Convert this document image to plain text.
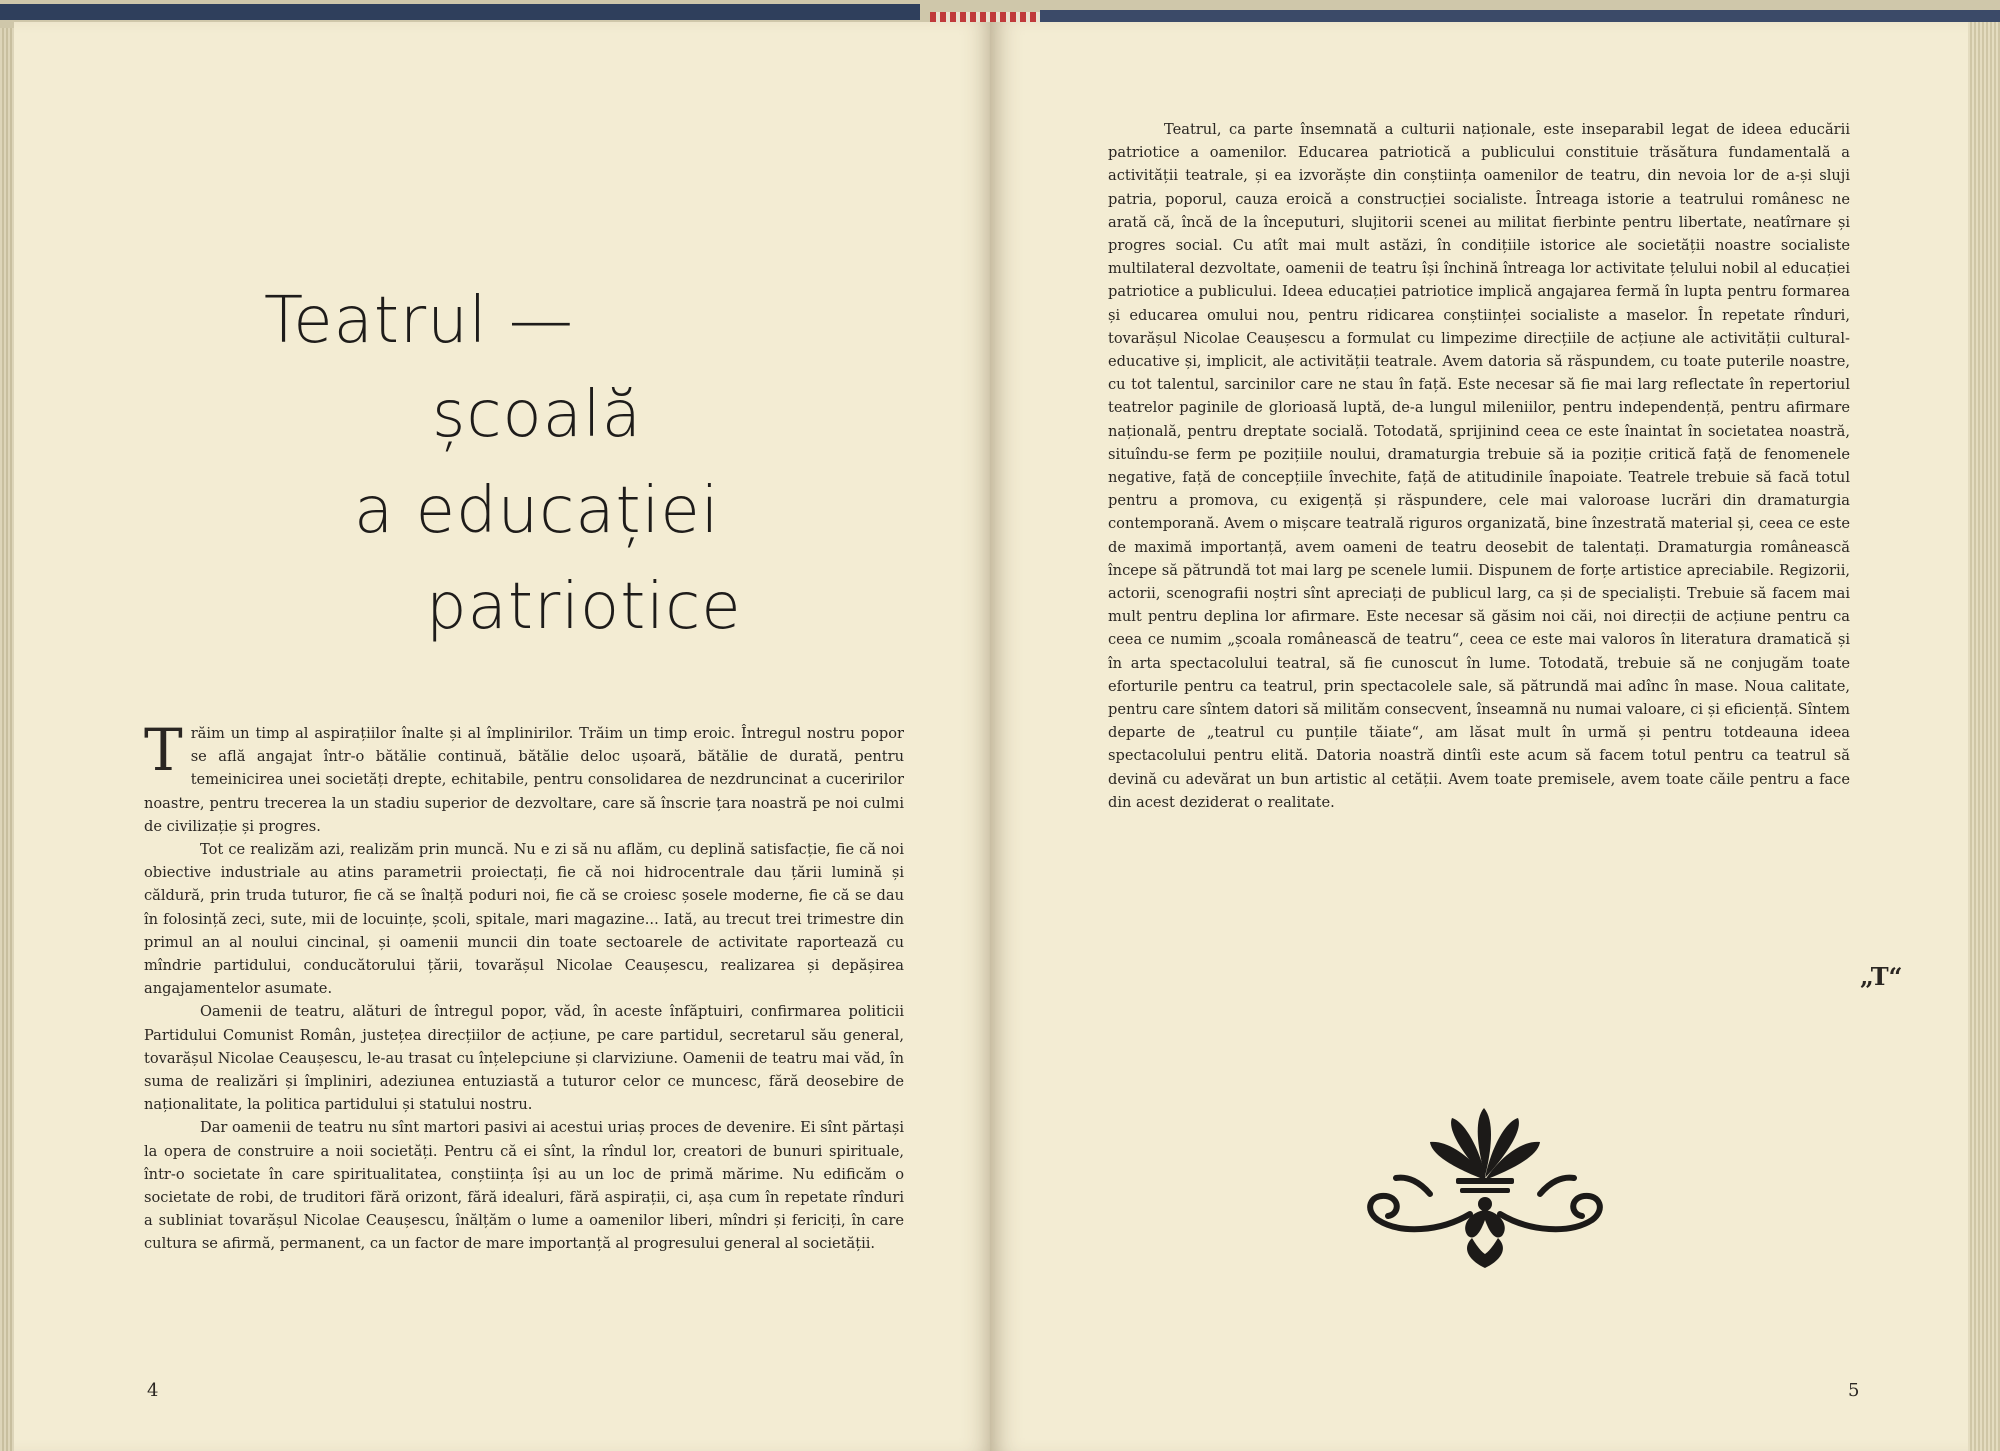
Teatrul —
școală
a educației
patriotice

Trăim un timp al aspirațiilor înalte și al împlinirilor. Trăim un timp eroic. Întregul nostru popor se află angajat într-o bătălie continuă, bătălie deloc ușoară, bătălie de durată, pentru temeinicirea unei societăți drepte, echitabile, pentru consolidarea de nezdruncinat a cuceririlor noastre, pentru trecerea la un stadiu superior de dezvoltare, care să înscrie țara noastră pe noi culmi de civilizație și progres.

Tot ce realizăm azi, realizăm prin muncă. Nu e zi să nu aflăm, cu deplină satisfacție, fie că noi obiective industriale au atins parametrii proiectați, fie că noi hidrocentrale dau țării lumină și căldură, prin truda tuturor, fie că se înalță poduri noi, fie că se croiesc șosele moderne, fie că se dau în folosință zeci, sute, mii de locuințe, școli, spitale, mari magazine... Iată, au trecut trei trimestre din primul an al noului cincinal, și oamenii muncii din toate sectoarele de activitate raportează cu mîndrie partidului, conducătorului țării, tovarășul Nicolae Ceaușescu, realizarea și depășirea angajamentelor asumate.

Oamenii de teatru, alături de întregul popor, văd, în aceste înfăptuiri, confirmarea politicii Partidului Comunist Român, justețea direcțiilor de acțiune, pe care partidul, secretarul său general, tovarășul Nicolae Ceaușescu, le-au trasat cu înțelepciune și clarviziune. Oamenii de teatru mai văd, în suma de realizări și împliniri, adeziunea entuziastă a tuturor celor ce muncesc, fără deosebire de naționalitate, la politica partidului și statului nostru.

Dar oamenii de teatru nu sînt martori pasivi ai acestui uriaș proces de devenire. Ei sînt părtași la opera de construire a noii societăți. Pentru că ei sînt, la rîndul lor, creatori de bunuri spirituale, într-o societate în care spiritualitatea, conștiința își au un loc de primă mărime. Nu edificăm o societate de robi, de truditori fără orizont, fără idealuri, fără aspirații, ci, așa cum în repetate rînduri a subliniat tovarășul Nicolae Ceaușescu, înălțăm o lume a oamenilor liberi, mîndri și fericiți, în care cultura se afirmă, permanent, ca un factor de mare importanță al progresului general al societății.

4

Teatrul, ca parte însemnată a culturii naționale, este inseparabil legat de ideea educării patriotice a oamenilor. Educarea patriotică a publicului constituie trăsătura fundamentală a activității teatrale, și ea izvorăște din conștiința oamenilor de teatru, din nevoia lor de a-și sluji patria, poporul, cauza eroică a construcției socialiste. Întreaga istorie a teatrului românesc ne arată că, încă de la începuturi, slujitorii scenei au militat fierbinte pentru libertate, neatîrnare și progres social. Cu atît mai mult astăzi, în condițiile istorice ale societății noastre socialiste multilateral dezvoltate, oamenii de teatru își închină întreaga lor activitate țelului nobil al educației patriotice a publicului. Ideea educației patriotice implică angajarea fermă în lupta pentru formarea și educarea omului nou, pentru ridicarea conștiinței socialiste a maselor. În repetate rînduri, tovarășul Nicolae Ceaușescu a formulat cu limpezime direcțiile de acțiune ale activității cultural-educative și, implicit, ale activității teatrale. Avem datoria să răspundem, cu toate puterile noastre, cu tot talentul, sarcinilor care ne stau în față. Este necesar să fie mai larg reflectate în repertoriul teatrelor paginile de glorioasă luptă, de-a lungul mileniilor, pentru independență, pentru afirmare națională, pentru dreptate socială. Totodată, sprijinind ceea ce este înaintat în societatea noastră, situîndu-se ferm pe pozițiile noului, dramaturgia trebuie să ia poziție critică față de fenomenele negative, față de concepțiile învechite, față de atitudinile înapoiate. Teatrele trebuie să facă totul pentru a promova, cu exigență și răspundere, cele mai valoroase lucrări din dramaturgia contemporană. Avem o mișcare teatrală riguros organizată, bine înzestrată material și, ceea ce este de maximă importanță, avem oameni de teatru deosebit de talentați. Dramaturgia românească începe să pătrundă tot mai larg pe scenele lumii. Dispunem de forțe artistice apreciabile. Regizorii, actorii, scenografii noștri sînt apreciați de publicul larg, ca și de specialiști. Trebuie să facem mai mult pentru deplina lor afirmare. Este necesar să găsim noi căi, noi direcții de acțiune pentru ca ceea ce numim „școala românească de teatru“, ceea ce este mai valoros în literatura dramatică și în arta spectacolului teatral, să fie cunoscut în lume. Totodată, trebuie să ne conjugăm toate eforturile pentru ca teatrul, prin spectacolele sale, să pătrundă mai adînc în mase. Noua calitate, pentru care sîntem datori să milităm consecvent, înseamnă nu numai valoare, ci și eficiență. Sîntem departe de „teatrul cu punțile tăiate“, am lăsat mult în urmă și pentru totdeauna ideea spectacolului pentru elită. Datoria noastră dintîi este acum să facem totul pentru ca teatrul să devină cu adevărat un bun artistic al cetății. Avem toate premisele, avem toate căile pentru a face din acest deziderat o realitate.

„T“
5
